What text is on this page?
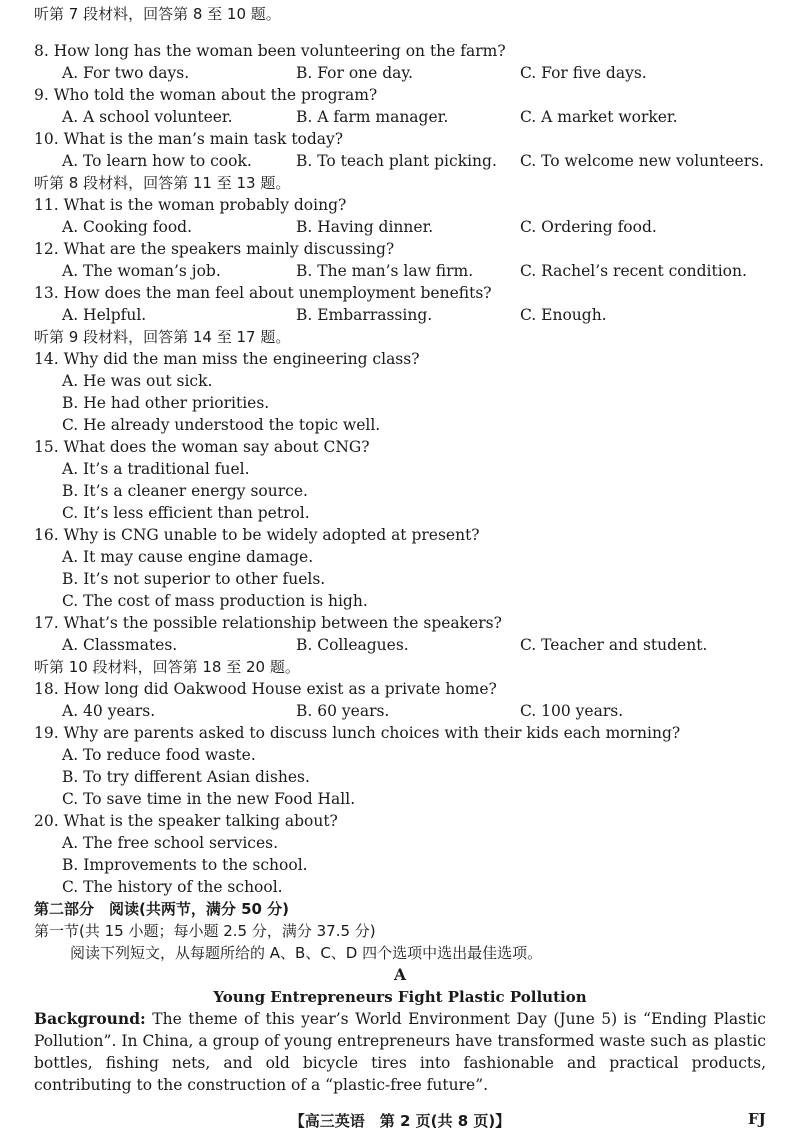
听第 7 段材料，回答第 8 至 10 题。
8. How long has the woman been volunteering on the farm?
A. For two days.	B. For one day.	C. For five days.
9. Who told the woman about the program?
A. A school volunteer.	B. A farm manager.	C. A market worker.
10. What is the man’s main task today?
A. To learn how to cook.	B. To teach plant picking. C. To welcome new volunteers.
听第 8 段材料，回答第 11 至 13 题。
11. What is the woman probably doing?
A. Cooking food.	B. Having dinner.	C. Ordering food.
12. What are the speakers mainly discussing?
A. The woman’s job.	B. The man’s law firm.	C. Rachel’s recent condition.
13. How does the man feel about unemployment benefits?
A. Helpful.	B. Embarrassing.	C. Enough.
听第 9 段材料，回答第 14 至 17 题。
14. Why did the man miss the engineering class?
A. He was out sick.
B. He had other priorities.
C. He already understood the topic well.
15. What does the woman say about CNG?
A. It’s a traditional fuel.
B. It’s a cleaner energy source.
C. It’s less efficient than petrol.
16. Why is CNG unable to be widely adopted at present?
A. It may cause engine damage.
B. It’s not superior to other fuels.
C. The cost of mass production is high.
17. What’s the possible relationship between the speakers?
A. Classmates.	B. Colleagues.	C. Teacher and student.
听第 10 段材料，回答第 18 至 20 题。
18. How long did Oakwood House exist as a private home?
A. 40 years.	B. 60 years.	C. 100 years.
19. Why are parents asked to discuss lunch choices with their kids each morning?
A. To reduce food waste.
B. To try different Asian dishes.
C. To save time in the new Food Hall.
20. What is the speaker talking about?
A. The free school services.
B. Improvements to the school.
C. The history of the school.
第二部分　阅读(共两节，满分 50 分)
第一节(共 15 小题；每小题 2.5 分，满分 37.5 分)
阅读下列短文，从每题所给的 A、B、C、D 四个选项中选出最佳选项。
A
Young Entrepreneurs Fight Plastic Pollution
Background: The theme of this year’s World Environment Day (June 5) is “Ending Plastic Pollution”. In China, a group of young entrepreneurs have transformed waste such as plastic bottles, fishing nets, and old bicycle tires into fashionable and practical products, contributing to the construction of a “plastic-free future”.
【高三英语　第 2 页(共 8 页)】	FJ
